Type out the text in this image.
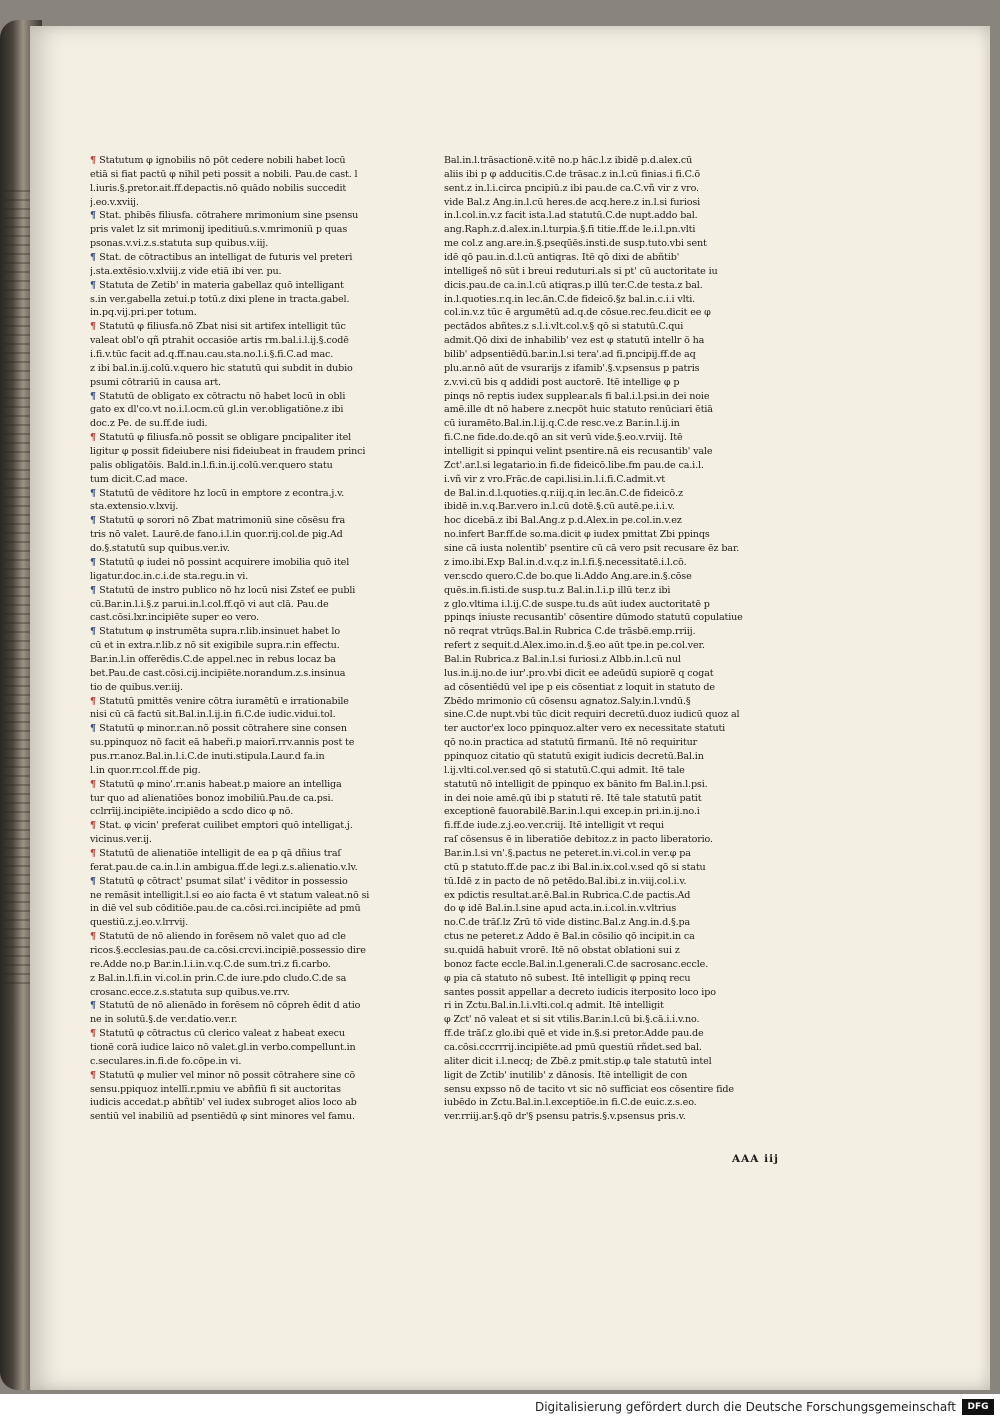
¶ Statutum φ ignobilis nō pōt cedere nobili habet locū
etiā si fiat pactū φ nihil peti possit a nobili. Pau.de cast. l
l.iuris.§.pretor.ait.ff.depactis.nō quādo nobilis succedit
j.eo.v.xviij.
¶ Stat. phibēs filiusfa. cōtrahere mrimonium sine psensu
pris valet lz sit mrimonij ipeditiuū.s.v.mrimoniū p quas
psonas.v.vi.z.s.statuta sup quibus.v.iij.
¶ Stat. de cōtractibus an intelligat de futuris vel preteri
j.sta.extēsio.v.xlviij.z vide etiā ibi ver. pu.
¶ Statuta de Zetib' in materia gabellaz quō intelligant
s.in ver.gabella zetui.p totū.z dixi plene in tracta.gabel.
in.pq.vij.pri.per totum.
¶ Statutū φ filiusfa.nō Zbat nisi sit artifex intelligit tūc
valeat obl'o qñ ptrahit occasiōe artis rm.bal.i.l.ij.§.codē
i.fi.v.tūc facit ad.q.ff.nau.cau.sta.no.l.i.§.fi.C.ad mac.
z ibi bal.in.ij.colū.v.quero hic statutū qui subdit in dubio
psumi cōtrariū in causa art.
¶ Statutū de obligato ex cōtractu nō habet locū in obli
gato ex dl'co.vt no.i.l.ocm.cū gl.in ver.obligatiōne.z ibi
doc.z Pe. de su.ff.de iudi.
¶ Statutū φ filiusfa.nō possit se obligare pncipaliter itel
ligitur φ possit fideiubere nisi fideiubeat in fraudem princi
palis obligatōis. Bald.in.l.fi.in.ij.colū.ver.quero statu
tum dicit.C.ad mace.
¶ Statutū de vēditore hz locū in emptore z econtra.j.v.
sta.extensio.v.lxvij.
¶ Statutū φ sorori nō Zbat matrimoniū sine cōsēsu fra
tris nō valet. Laurē.de fano.i.l.in quor.rij.col.de pig.Ad
do.§.statutū sup quibus.ver.iv.
¶ Statutū φ iudei nō possint acquirere imobilia quō itel
ligatur.doc.in.c.i.de sta.regu.in vi.
¶ Statutū de instro publico nō hz locū nisi Zsteť ee publi
cū.Bar.in.l.i.§.z parui.in.l.col.ff.qō vi aut clā. Pau.de
cast.cōsi.lxr.incipiēte super eo vero.
¶ Statutum φ instrumēta supra.r.lib.insinuet habet lo
cū et in extra.r.lib.z nō sit exigibile supra.r.in effectu.
Bar.in.l.in offerēdis.C.de appel.nec in rebus locaz ba
bet.Pau.de cast.cōsi.cij.incipiēte.norandum.z.s.insinua
tio de quibus.ver.iij.
¶ Statutū pmittēs venire cōtra iuramētū e irrationabile
nisi cū cā factū sit.Bal.in.l.ij.in fi.C.de iudic.vidui.tol.
¶ Statutū φ minor.r.an.nō possit cōtrahere sine consen
su.ppinquoz nō facit eā habeři.p maiorī.rrv.annis post te
pus.rr.anoz.Bal.in.l.i.C.de inuti.stipula.Laur.d fa.in
l.in quor.rr.col.ff.de pig.
¶ Statutū φ mino'.rr.anis habeat.p maiore an intelliga
tur quo ad alienatiōes bonoz imobiliū.Pau.de ca.psi.
cclrrīij.incipiēte.incipiēdo a scdo dico φ nō.
¶ Stat. φ vicin' preferat cuilibet emptori quō intelligat.j.
vicinus.ver.ij.
¶ Statutū de alienatiōe intelligit de ea p qā dñius traſ
ferat.pau.de ca.in.l.in ambigua.ff.de legi.z.s.alienatio.v.lv.
¶ Statutū φ cōtract' psumat silat' i vēditor in possessio
ne remāsit intelligit.l.si eo aio facta ē vt statum valeat.nō si
in diē vel sub cōditiōe.pau.de ca.cōsi.rci.incipiēte ad pmū
questiū.z.j.eo.v.lrrvij.
¶ Statutū de nō aliendo in forēsem nō valet quo ad cle
ricos.§.ecclesias.pau.de ca.cōsi.crcvi.incipiē.possessio dire
re.Adde no.p Bar.in.l.i.in.v.q.C.de sum.tri.z fi.carbo.
z Bal.in.l.fi.in vi.col.in prin.C.de iure.pdo cludo.C.de sa
crosanc.ecce.z.s.statuta sup quibus.ve.rrv.
¶ Statutū de nō alienādo in forēsem nō cōpreh ēdit d atio
ne in solutū.§.de ver.datio.ver.r.
¶ Statutū φ cōtractus cū clerico valeat z habeat execu
tionē corā iudice laico nō valet.gl.in verbo.compellunt.in
c.seculares.in.fi.de fo.cōpe.in vi.
¶ Statutū φ mulier vel minor nō possit cōtrahere sine cō
sensu.ppiquoz intellī.r.pmiu ve abñfiū fi sit auctoritas
iudicis accedat.p abñtib' vel iudex subroget alios loco ab
sentiū vel inabiliū ad psentiēdū φ sint minores vel famu.
Bal.in.l.trāsactionē.v.itē no.p hāc.l.z ibidē p.d.alex.cū
aliis ibi p φ adducitis.C.de trāsac.z in.l.cū finias.i fi.C.ō
sent.z in.l.i.circa pncipiū.z ibi pau.de ca.C.vñ vir z vro.
vide Bal.z Ang.in.l.cū heres.de acq.here.z in.l.si furiosi
in.l.col.in.v.z facit ista.l.ad statutū.C.de nupt.addo bal.
ang.Raph.z.d.alex.in.l.turpia.§.fi titie.ff.de le.i.l.pn.vlti
me col.z ang.are.in.§.pseqūēs.insti.de susp.tuto.vbi sent
idē qō pau.in.d.l.cū antiqras. Itē qō dixi de abñtib'
intelligeš nō sūt i breui reduturi.als si pt' cū auctoritate iu
dicis.pau.de ca.in.l.cū atiqras.p illū ter.C.de testa.z bal.
in.l.quoties.r.q.in lec.ān.C.de fideicō.§z bal.in.c.i.i vlti.
col.in.v.z tūc ē argumētū ad.q.de cōsue.rec.feu.dicit ee φ
pectādos abñtes.z s.l.i.vlt.col.v.§ qō si statutū.C.qui
admit.Qō dixi de inhabilib' vez est φ statutū intellr ö ha
bilib' adpsentiēdū.bar.in.l.si tera'.ad fi.pncipij.ff.de aq
plu.ar.nō aūt de vsurarijs z ifamib'.§.v.psensus p patris
z.v.vi.cū bis q addidi post auctorē. Itē intellige φ p
pinqs nō reptis iudex supplear.als fi bal.i.l.psi.in dei noie
amē.ille dt nō habere z.necpōt huic statuto renūciari ētiā
cū iuramēto.Bal.in.l.ij.q.C.de resc.ve.z Bar.in.l.ij.in
fi.C.ne fide.do.de.qō an sit verū vide.§.eo.v.rviij. Itē
intelligit si ppinqui velint psentire.nā eis recusantib' vale
Zct'.ar.l.si legatario.in fi.de fideicō.libe.fm pau.de ca.i.l.
i.vñ vir z vro.Frāc.de capi.lisi.in.l.i.fi.C.admit.vt
de Bal.in.d.l.quoties.q.r.iij.q.in lec.ān.C.de fideicō.z
ibidē in.v.q.Bar.vero in.l.cū dotē.§.cū autē.pe.i.i.v.
hoc dicebā.z ibi Bal.Ang.z p.d.Alex.in pe.col.in.v.ez
no.infert Bar.ff.de so.ma.dicit φ iudex pmittat Zbi ppinqs
sine cā iusta nolentib' psentire cū cā vero psit recusare ēz bar.
z imo.ibi.Exp Bal.in.d.v.q.z in.l.fi.§.necessitatē.i.l.cō.
ver.scdo quero.C.de bo.que li.Addo Ang.are.in.§.cōse
quēs.in.fi.isti.de susp.tu.z Bal.in.l.i.p illū ter.z ibi
z glo.vltima i.l.ij.C.de suspe.tu.ds aūt iudex auctoritatē p
ppinqs iniuste recusantib' cōsentire dūmodo statutū copulatiue
nō reqrat vtrūqs.Bal.in Rubrica C.de trāsbē.emp.rriij.
refert z sequit.d.Alex.imo.in.d.§.eo aūt tpe.in pe.col.ver.
Bal.in Rubrica.z Bal.in.l.si furiosi.z Albb.in.l.cū nul
lus.in.ij.no.de iur'.pro.vbi dicit ee adeūdū supiorē q cogat
ad cōsentiēdū vel ipe p eis cōsentiat z loquit in statuto de
Zbēdo mrimonio cū cōsensu agnatoz.Saly.in.l.vndū.§
sine.C.de nupt.vbi tūc dicit requiri decretū.duoz iudicū quoz al
ter auctor'ex loco ppinquoz.alter vero ex necessitate statuti
qō no.in practica ad statutū firmanū. Itē nō requiritur
ppinquoz citatio qū statutū exigit iudicis decretū.Bal.in
l.ij.vlti.col.ver.sed qō si statutū.C.qui admit. Itē tale
statutū nō intelligit de ppinquo ex bānito fm Bal.in.l.psi.
in dei noie amē.qū ibi p statuti rē. Itē tale statutū patit
exceptionē fauorabilē.Bar.in.l.qui excep.in pri.in.ij.no.i
fi.ff.de iude.z.j.eo.ver.criij. Itē intelligit vt requi
raſ cōsensus ē in liberatiōe debitoz.z in pacto liberatorio.
Bar.in.l.si vn'.§.pactus ne peteret.in.vi.col.in ver.φ pa
ctū p statuto.ff.de pac.z ibi Bal.in.ix.col.v.sed qō si statu
tū.Idē z in pacto de nō petēdo.Bal.ibi.z in.viij.col.i.v.
ex pdictis resultat.ar.ē.Bal.in Rubrica.C.de pactis.Ad
do φ idē Bal.in.l.sine apud acta.in.i.col.in.v.vltrius
no.C.de trāſ.lz Zrū tō vide distinc.Bal.z Ang.in.d.§.pa
ctus ne peteret.z Addo ē Bal.in cōsilio qō incipit.in ca
su.quidā habuit vrorē. Itē nō obstat oblationi sui z
bonoz facte eccle.Bal.in.l.generali.C.de sacrosanc.eccle.
φ pia cā statuto nō subest. Itē intelligit φ ppinq recu
santes possit appellar a decreto iudicis iterposito loco ipo
ri in Zctu.Bal.in.l.i.vlti.col.q admit. Itē intelligit
φ Zct' nō valeat et si sit vtilis.Bar.in.l.cū bi.§.cā.i.i.v.no.
ff.de trāſ.z glo.ibi quē et vide in.§.si pretor.Adde pau.de
ca.cōsi.cccrrrij.incipiēte.ad pmū questiū rñdet.sed bal.
aliter dicit i.l.necq; de Zbē.z pmit.stip.φ tale statutū intel
ligit de Zctib' inutilib' z dānosis. Itē intelligit de con
sensu expsso nō de tacito vt sic nō sufficiat eos cōsentire fide
iubēdo in Zctu.Bal.in.l.exceptiōe.in fi.C.de euic.z.s.eo.
ver.rriij.ar.§.qō dr'§ psensu patris.§.v.psensus pris.v.
AAA iij
Digitalisierung gefördert durch die Deutsche Forschungsgemeinschaft	DFG
